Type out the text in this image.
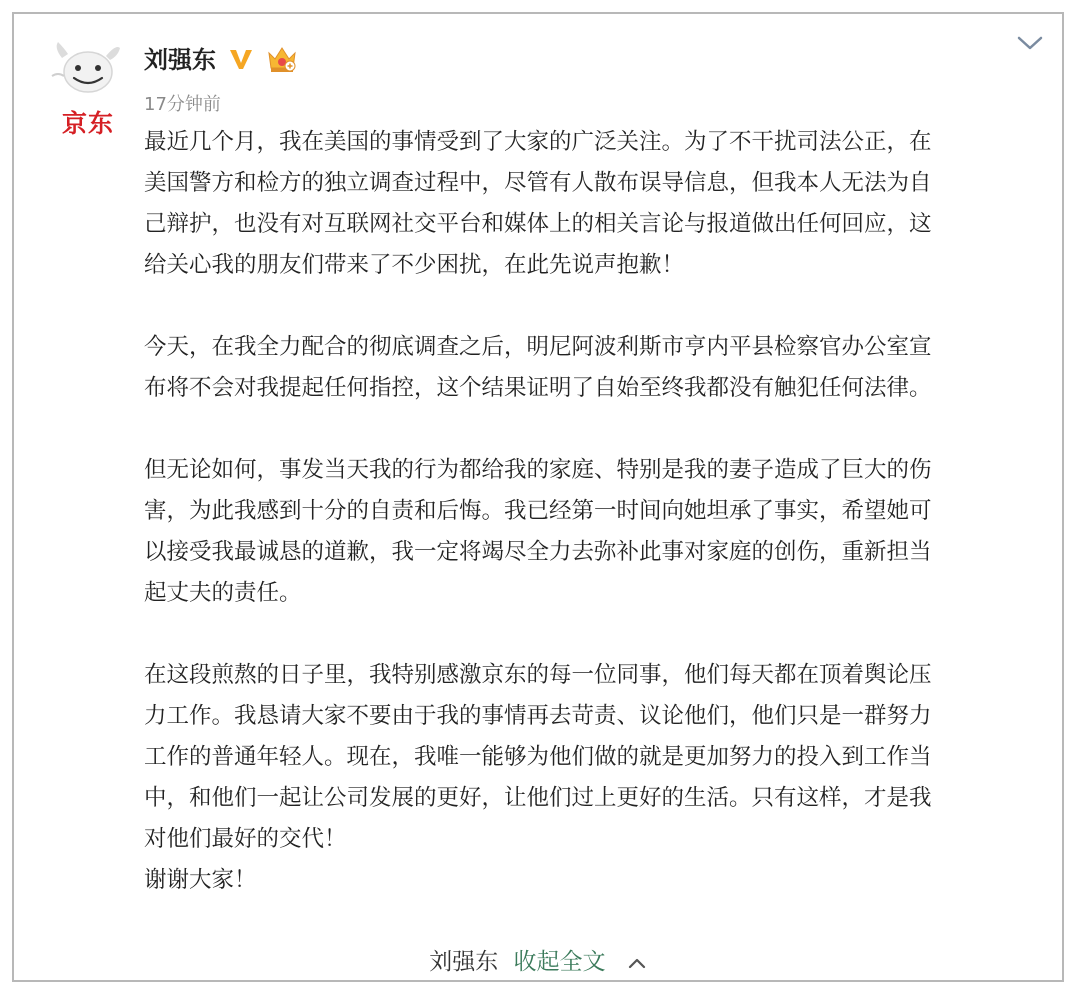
京东
刘强东
17分钟前

最近几个月，我在美国的事情受到了大家的广泛关注。为了不干扰司法公正，在
美国警方和检方的独立调查过程中，尽管有人散布误导信息，但我本人无法为自
己辩护，也没有对互联网社交平台和媒体上的相关言论与报道做出任何回应，这
给关心我的朋友们带来了不少困扰，在此先说声抱歉！

今天，在我全力配合的彻底调查之后，明尼阿波利斯市亨内平县检察官办公室宣
布将不会对我提起任何指控，这个结果证明了自始至终我都没有触犯任何法律。

但无论如何，事发当天我的行为都给我的家庭、特别是我的妻子造成了巨大的伤
害，为此我感到十分的自责和后悔。我已经第一时间向她坦承了事实，希望她可
以接受我最诚恳的道歉，我一定将竭尽全力去弥补此事对家庭的创伤，重新担当
起丈夫的责任。

在这段煎熬的日子里，我特别感激京东的每一位同事，他们每天都在顶着舆论压
力工作。我恳请大家不要由于我的事情再去苛责、议论他们，他们只是一群努力
工作的普通年轻人。现在，我唯一能够为他们做的就是更加努力的投入到工作当
中，和他们一起让公司发展的更好，让他们过上更好的生活。只有这样，才是我
对他们最好的交代！

谢谢大家！

刘强东 收起全文
